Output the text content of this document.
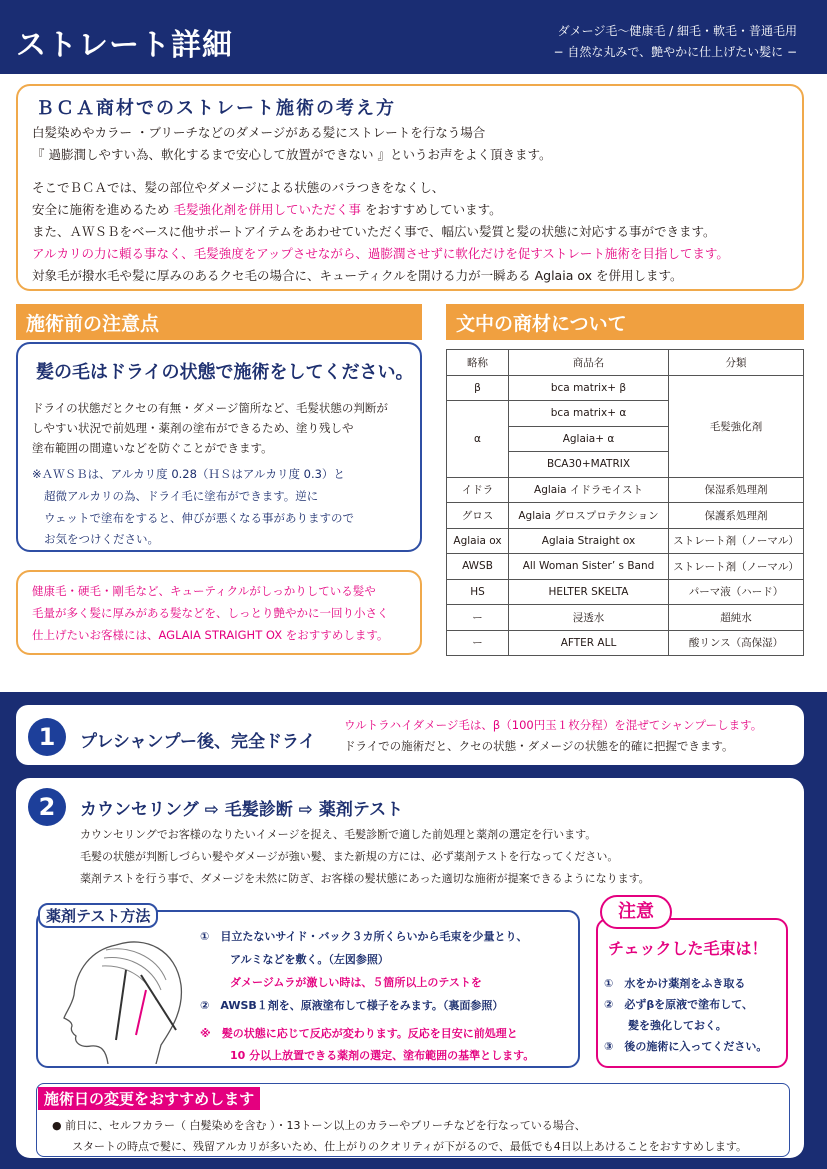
ストレート詳細	ダメージ毛〜健康毛 / 細毛・軟毛・普通毛用
− 自然な丸みで、艶やかに仕上げたい髪に −
ＢＣＡ商材でのストレート施術の考え方
白髪染めやカラー ・ブリーチなどのダメージがある髪にストレートを行なう場合
『 過膨潤しやすい為、軟化するまで安心して放置ができない 』というお声をよく頂きます。
そこでＢＣＡでは、髪の部位やダメージによる状態のバラつきをなくし、
安全に施術を進めるため 毛髪強化剤を併用していただく事 をおすすめしています。
また、ＡＷＳＢをベースに他サポートアイテムをあわせていただく事で、幅広い髪質と髪の状態に対応する事ができます。
アルカリの力に頼る事なく、毛髪強度をアップさせながら、過膨潤させずに軟化だけを促すストレート施術を目指してます。
対象毛が撥水毛や髪に厚みのあるクセ毛の場合に、キューティクルを開ける力が一瞬ある Aglaia ox を併用します。
施術前の注意点
髪の毛はドライの状態で施術をしてください。
ドライの状態だとクセの有無・ダメージ箇所など、毛髪状態の判断が
しやすい状況で前処理・薬剤の塗布ができるため、塗り残しや
塗布範囲の間違いなどを防ぐことができます。
※ＡＷＳＢは、アルカリ度 0.28（ＨＳはアルカリ度 0.3）と
超微アルカリの為、ドライ毛に塗布ができます。逆に
ウェットで塗布をすると、伸びが悪くなる事がありますので
お気をつけください。
健康毛・硬毛・剛毛など、キューティクルがしっかりしている髪や
毛量が多く髪に厚みがある髪などを、しっとり艶やかに一回り小さく
仕上げたいお客様には、AGLAIA STRAIGHT OX をおすすめします。
文中の商材について
略称	商品名	分類
β	bca matrix+ β	毛髪強化剤
α	bca matrix+ α	
	Aglaia+ α	
	BCA30+MATRIX	
イドラ	Aglaia イドラモイスト	保湿系処理剤
グロス	Aglaia グロスプロテクション	保護系処理剤
Aglaia ox	Aglaia Straight ox	ストレート剤（ノーマル）
AWSB	All Woman Sister’ s Band	ストレート剤（ノーマル）
HS	HELTER SKELTA	パーマ液（ハード）
ー	浸透水	超純水
ー	AFTER ALL	酸リンス（高保湿）
1	プレシャンプー後、完全ドライ
ウルトラハイダメージ毛は、β（100円玉１枚分程）を混ぜてシャンプーします。
ドライでの施術だと、クセの状態・ダメージの状態を的確に把握できます。
2	カウンセリング ⇨ 毛髪診断 ⇨ 薬剤テスト
カウンセリングでお客様のなりたいイメージを捉え、毛髪診断で適した前処理と薬剤の選定を行います。
毛髪の状態が判断しづらい髪やダメージが強い髪、また新規の方には、必ず薬剤テストを行なってください。
薬剤テストを行う事で、ダメージを未然に防ぎ、お客様の髪状態にあった適切な施術が提案できるようになります。
薬剤テスト方法
①　目立たないサイド・バック３カ所くらいから毛束を少量とり、
アルミなどを敷く。（左図参照）
ダメージムラが激しい時は、５箇所以上のテストを
②　AWSB１剤を、原液塗布して様子をみます。（裏面参照）
※　髪の状態に応じて反応が変わります。反応を目安に前処理と
10 分以上放置できる薬剤の選定、塗布範囲の基準とします。
注意
チェックした毛束は！
①　水をかけ薬剤をふき取る
②　必ずβを原液で塗布して、
髪を強化しておく。
③　後の施術に入ってください。
施術日の変更をおすすめします
● 前日に、セルフカラー（ 白髪染めを含む ）・13トーン以上のカラーやブリーチなどを行なっている場合、
スタートの時点で髪に、残留アルカリが多いため、仕上がりのクオリティが下がるので、最低でも4日以上あけることをおすすめします。
